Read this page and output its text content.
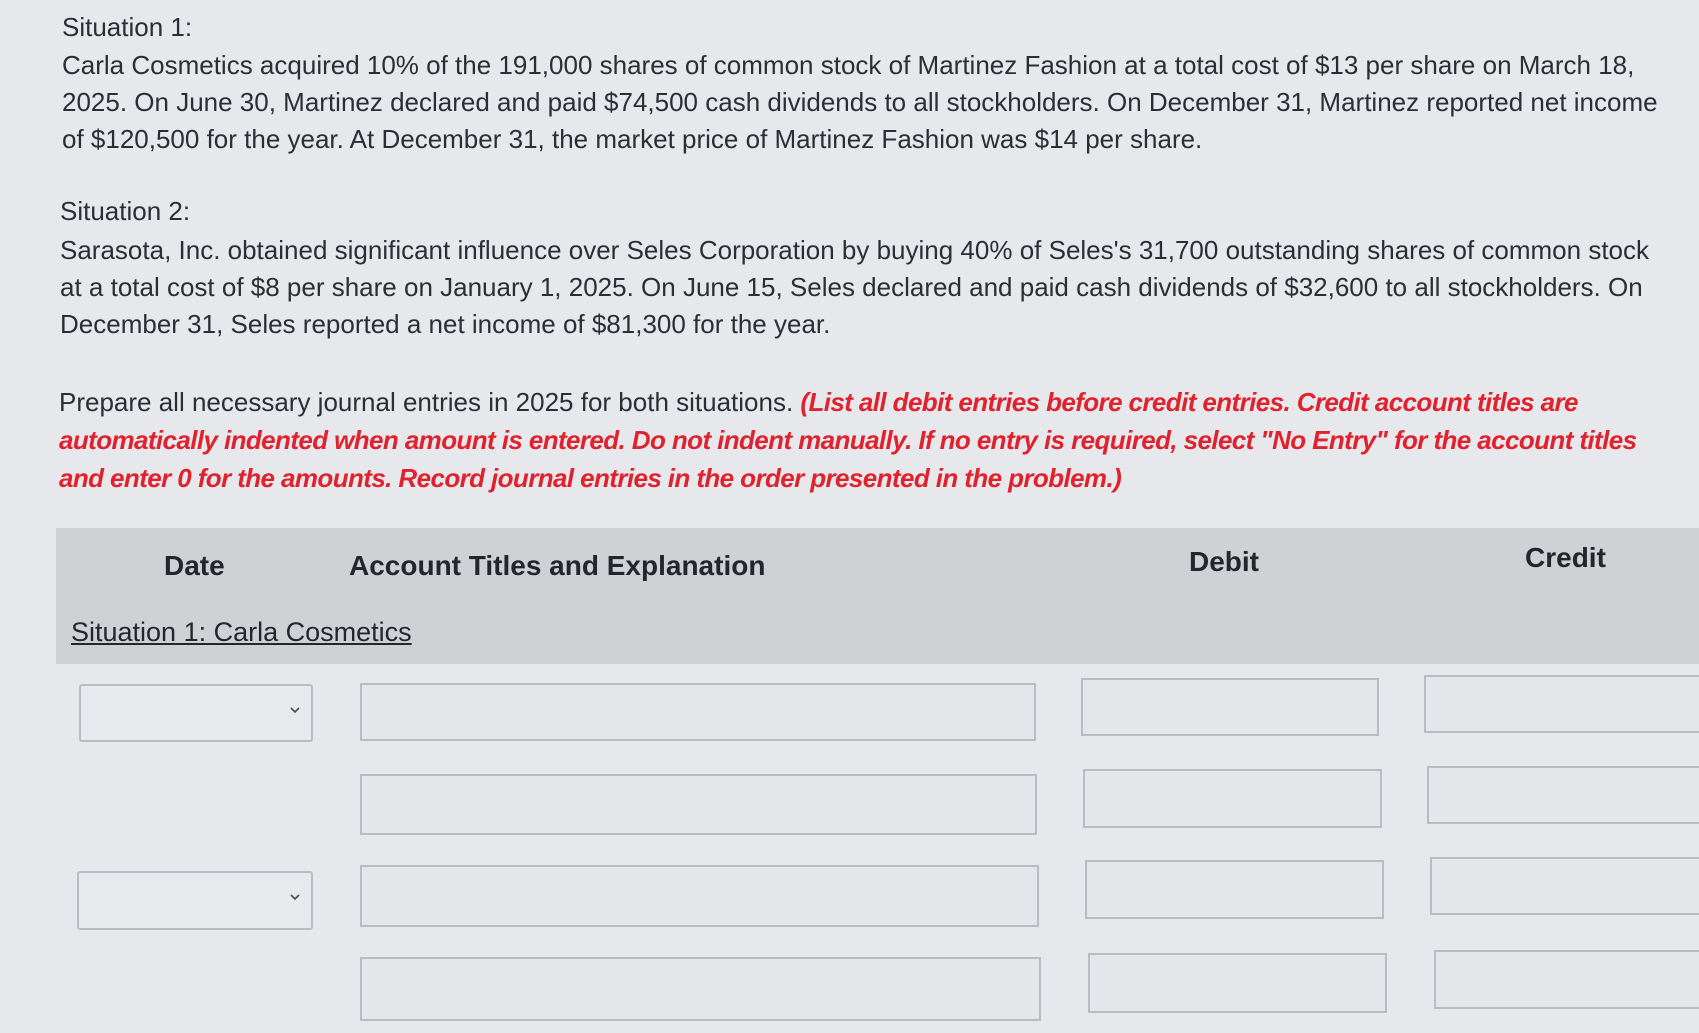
Situation 1:
Carla Cosmetics acquired 10% of the 191,000 shares of common stock of Martinez Fashion at a total cost of $13 per share on March 18, 2025. On June 30, Martinez declared and paid $74,500 cash dividends to all stockholders. On December 31, Martinez reported net income of $120,500 for the year. At December 31, the market price of Martinez Fashion was $14 per share.
Situation 2:
Sarasota, Inc. obtained significant influence over Seles Corporation by buying 40% of Seles's 31,700 outstanding shares of common stock at a total cost of $8 per share on January 1, 2025. On June 15, Seles declared and paid cash dividends of $32,600 to all stockholders. On December 31, Seles reported a net income of $81,300 for the year.
Prepare all necessary journal entries in 2025 for both situations. (List all debit entries before credit entries. Credit account titles are automatically indented when amount is entered. Do not indent manually. If no entry is required, select "No Entry" for the account titles and enter 0 for the amounts. Record journal entries in the order presented in the problem.)
Date	Account Titles and Explanation	Debit	Credit
Situation 1: Carla Cosmetics
